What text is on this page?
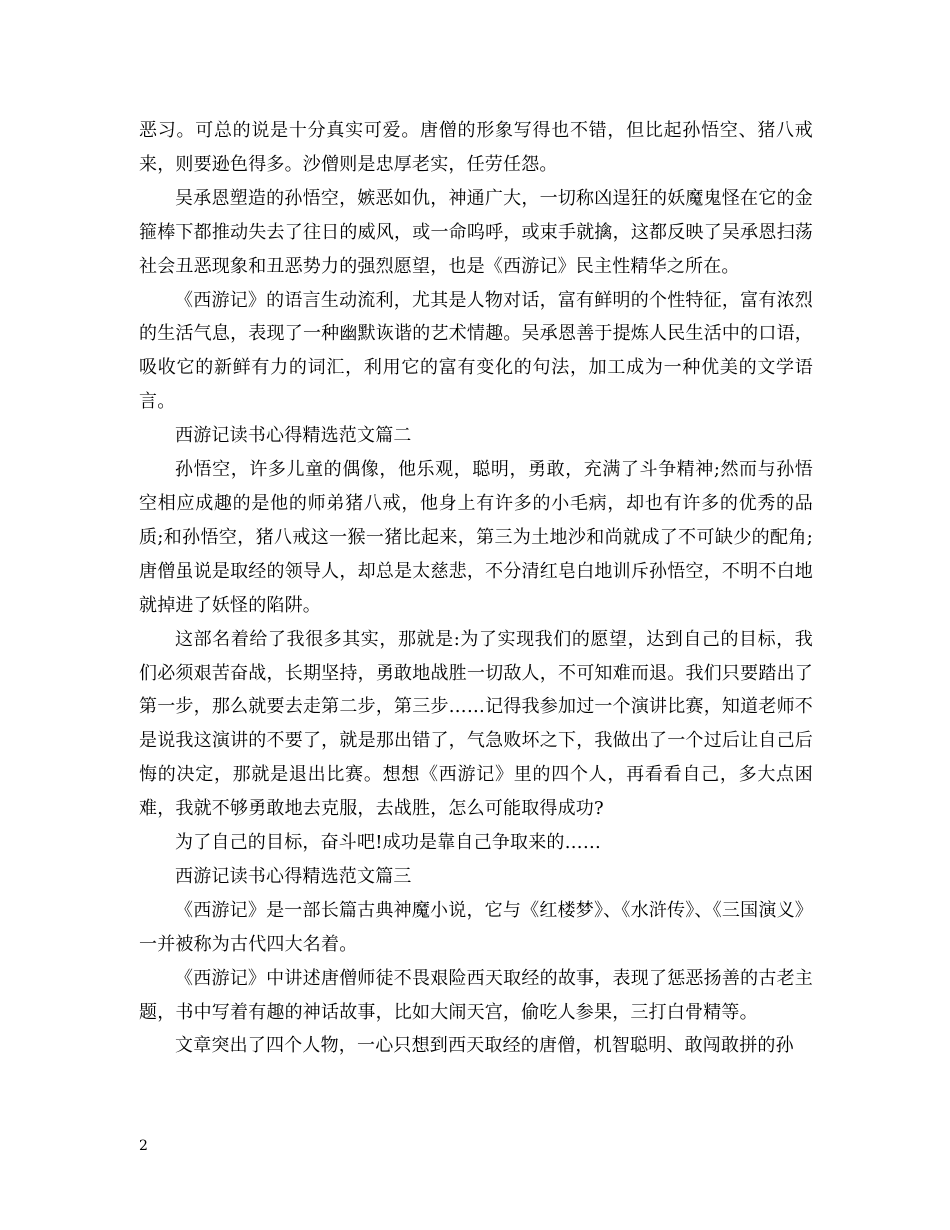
恶习。可总的说是十分真实可爱。唐僧的形象写得也不错，但比起孙悟空、猪八戒来，则要逊色得多。沙僧则是忠厚老实，任劳任怨。

吴承恩塑造的孙悟空，嫉恶如仇，神通广大，一切称凶逞狂的妖魔鬼怪在它的金箍棒下都推动失去了往日的威风，或一命呜呼，或束手就擒，这都反映了吴承恩扫荡社会丑恶现象和丑恶势力的强烈愿望，也是《西游记》民主性精华之所在。

《西游记》的语言生动流利，尤其是人物对话，富有鲜明的个性特征，富有浓烈的生活气息，表现了一种幽默诙谐的艺术情趣。吴承恩善于提炼人民生活中的口语，吸收它的新鲜有力的词汇，利用它的富有变化的句法，加工成为一种优美的文学语言。

西游记读书心得精选范文篇二

孙悟空，许多儿童的偶像，他乐观，聪明，勇敢，充满了斗争精神;然而与孙悟空相应成趣的是他的师弟猪八戒，他身上有许多的小毛病，却也有许多的优秀的品质;和孙悟空，猪八戒这一猴一猪比起来，第三为土地沙和尚就成了不可缺少的配角;唐僧虽说是取经的领导人，却总是太慈悲，不分清红皂白地训斥孙悟空，不明不白地就掉进了妖怪的陷阱。

这部名着给了我很多其实，那就是:为了实现我们的愿望，达到自己的目标，我们必须艰苦奋战，长期坚持，勇敢地战胜一切敌人，不可知难而退。我们只要踏出了第一步，那么就要去走第二步，第三步……记得我参加过一个演讲比赛，知道老师不是说我这演讲的不要了，就是那出错了，气急败坏之下，我做出了一个过后让自己后悔的决定，那就是退出比赛。想想《西游记》里的四个人，再看看自己，多大点困难，我就不够勇敢地去克服，去战胜，怎么可能取得成功?

为了自己的目标，奋斗吧!成功是靠自己争取来的……

西游记读书心得精选范文篇三

《西游记》是一部长篇古典神魔小说，它与《红楼梦》、《水浒传》、《三国演义》一并被称为古代四大名着。

《西游记》中讲述唐僧师徒不畏艰险西天取经的故事，表现了惩恶扬善的古老主题，书中写着有趣的神话故事，比如大闹天宫，偷吃人参果，三打白骨精等。

文章突出了四个人物，一心只想到西天取经的唐僧，机智聪明、敢闯敢拼的孙

2
